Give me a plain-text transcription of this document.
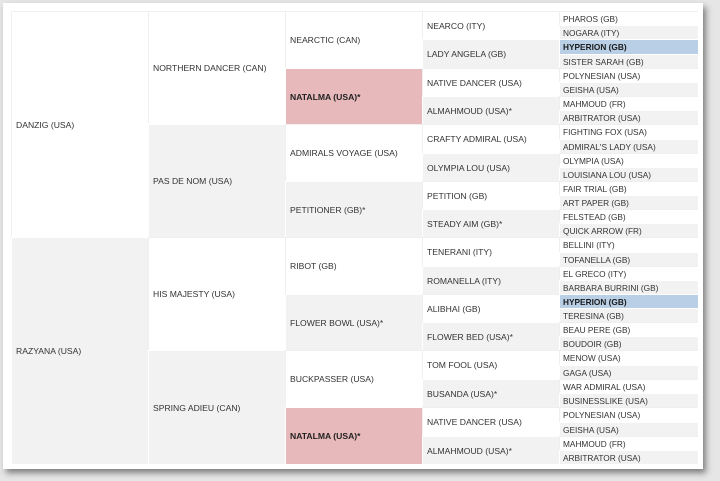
DANZIG (USA)
RAZYANA (USA)
NORTHERN DANCER (CAN)
PAS DE NOM (USA)
HIS MAJESTY (USA)
SPRING ADIEU (CAN)
NEARCTIC (CAN)
NATALMA (USA)*
ADMIRALS VOYAGE (USA)
PETITIONER (GB)*
RIBOT (GB)
FLOWER BOWL (USA)*
BUCKPASSER (USA)
NATALMA (USA)*
NEARCO (ITY)
LADY ANGELA (GB)
NATIVE DANCER (USA)
ALMAHMOUD (USA)*
CRAFTY ADMIRAL (USA)
OLYMPIA LOU (USA)
PETITION (GB)
STEADY AIM (GB)*
TENERANI (ITY)
ROMANELLA (ITY)
ALIBHAI (GB)
FLOWER BED (USA)*
TOM FOOL (USA)
BUSANDA (USA)*
NATIVE DANCER (USA)
ALMAHMOUD (USA)*
PHAROS (GB)
NOGARA (ITY)
HYPERION (GB)
SISTER SARAH (GB)
POLYNESIAN (USA)
GEISHA (USA)
MAHMOUD (FR)
ARBITRATOR (USA)
FIGHTING FOX (USA)
ADMIRAL'S LADY (USA)
OLYMPIA (USA)
LOUISIANA LOU (USA)
FAIR TRIAL (GB)
ART PAPER (GB)
FELSTEAD (GB)
QUICK ARROW (FR)
BELLINI (ITY)
TOFANELLA (GB)
EL GRECO (ITY)
BARBARA BURRINI (GB)
HYPERION (GB)
TERESINA (GB)
BEAU PERE (GB)
BOUDOIR (GB)
MENOW (USA)
GAGA (USA)
WAR ADMIRAL (USA)
BUSINESSLIKE (USA)
POLYNESIAN (USA)
GEISHA (USA)
MAHMOUD (FR)
ARBITRATOR (USA)
